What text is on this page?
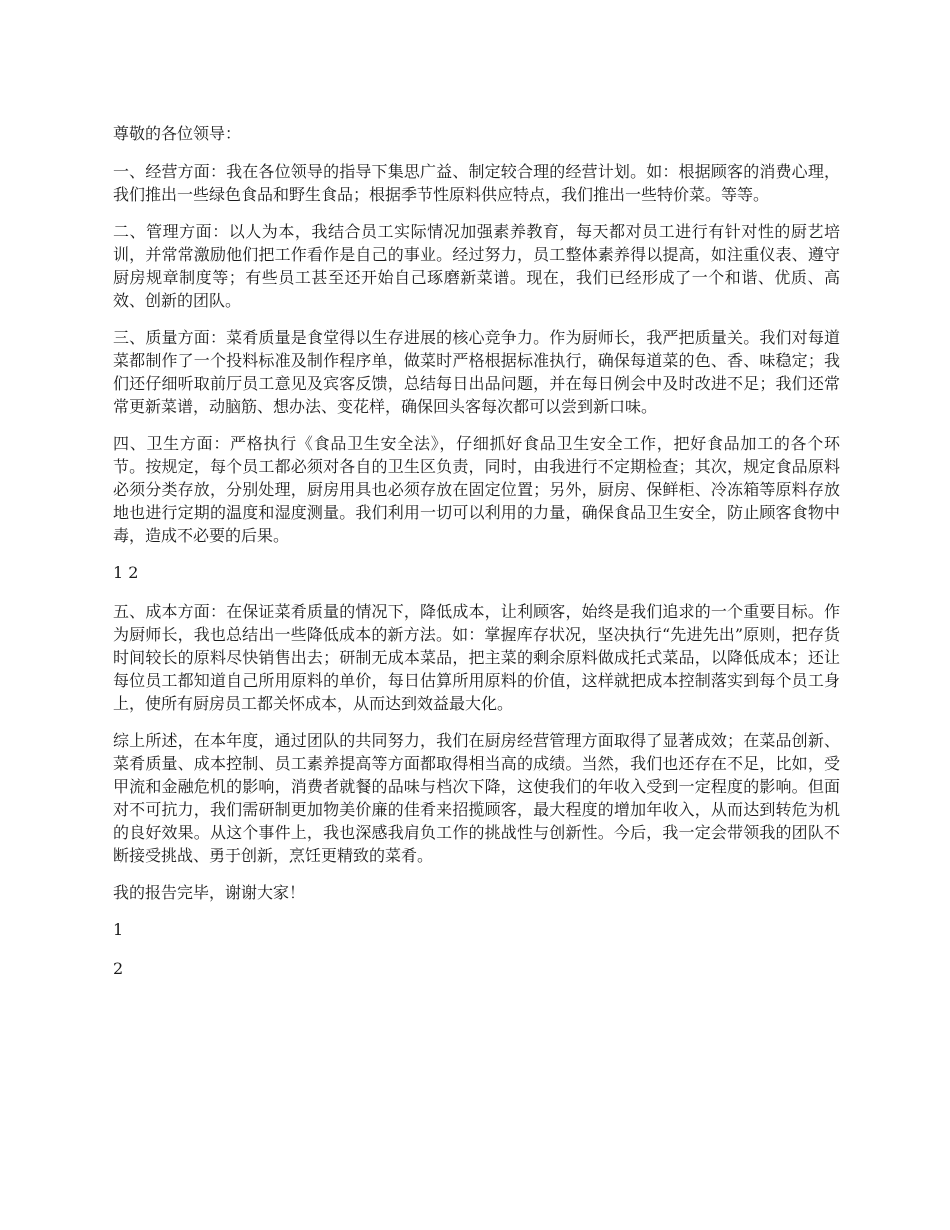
尊敬的各位领导：

一、经营方面：我在各位领导的指导下集思广益、制定较合理的经营计划。如：根据顾客的消费心理，我们推出一些绿色食品和野生食品；根据季节性原料供应特点，我们推出一些特价菜。等等。

二、管理方面：以人为本，我结合员工实际情况加强素养教育，每天都对员工进行有针对性的厨艺培训，并常常激励他们把工作看作是自己的事业。经过努力，员工整体素养得以提高，如注重仪表、遵守厨房规章制度等；有些员工甚至还开始自己琢磨新菜谱。现在，我们已经形成了一个和谐、优质、高效、创新的团队。

三、质量方面：菜肴质量是食堂得以生存进展的核心竞争力。作为厨师长，我严把质量关。我们对每道菜都制作了一个投料标准及制作程序单，做菜时严格根据标准执行，确保每道菜的色、香、味稳定；我们还仔细听取前厅员工意见及宾客反馈，总结每日出品问题，并在每日例会中及时改进不足；我们还常常更新菜谱，动脑筋、想办法、变花样，确保回头客每次都可以尝到新口味。

四、卫生方面：严格执行《食品卫生安全法》，仔细抓好食品卫生安全工作，把好食品加工的各个环节。按规定，每个员工都必须对各自的卫生区负责，同时，由我进行不定期检查；其次，规定食品原料必须分类存放，分别处理，厨房用具也必须存放在固定位置；另外，厨房、保鲜柜、冷冻箱等原料存放地也进行定期的温度和湿度测量。我们利用一切可以利用的力量，确保食品卫生安全，防止顾客食物中毒，造成不必要的后果。

1 2

五、成本方面：在保证菜肴质量的情况下，降低成本，让利顾客，始终是我们追求的一个重要目标。作为厨师长，我也总结出一些降低成本的新方法。如：掌握库存状况，坚决执行“先进先出”原则，把存货时间较长的原料尽快销售出去；研制无成本菜品，把主菜的剩余原料做成托式菜品，以降低成本；还让每位员工都知道自己所用原料的单价，每日估算所用原料的价值，这样就把成本控制落实到每个员工身上，使所有厨房员工都关怀成本，从而达到效益最大化。

综上所述，在本年度，通过团队的共同努力，我们在厨房经营管理方面取得了显著成效；在菜品创新、菜肴质量、成本控制、员工素养提高等方面都取得相当高的成绩。当然，我们也还存在不足，比如，受甲流和金融危机的影响，消费者就餐的品味与档次下降，这使我们的年收入受到一定程度的影响。但面对不可抗力，我们需研制更加物美价廉的佳肴来招揽顾客，最大程度的增加年收入，从而达到转危为机的良好效果。从这个事件上，我也深感我肩负工作的挑战性与创新性。今后，我一定会带领我的团队不断接受挑战、勇于创新，烹饪更精致的菜肴。

我的报告完毕，谢谢大家！

1

2
